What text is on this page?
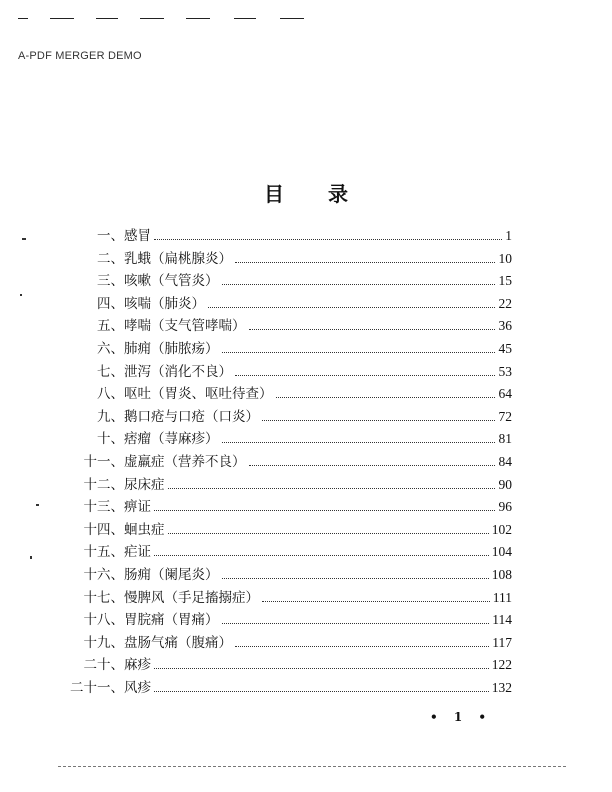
A-PDF MERGER DEMO
目 录
一、 感冒	1
二、 乳蛾（扁桃腺炎）	10
三、 咳嗽（气管炎）	15
四、 咳喘（肺炎）	22
五、 哮喘（支气管哮喘）	36
六、 肺痈（肺脓疡）	45
七、 泄泻（消化不良）	53
八、 呕吐（胃炎、呕吐待查）	64
九、 鹅口疮与口疮（口炎）	72
十、 痞瘤（荨麻疹）	81
十一、 虚羸症（营养不良）	84
十二、 尿床症	90
十三、 痹证	96
十四、 蛔虫症	102
十五、 疟证	104
十六、 肠痈（阑尾炎）	108
十七、 慢脾风（手足搐搦症）	111
十八、 胃脘痛（胃痛）	114
十九、 盘肠气痛（腹痛）	117
二十、 麻疹	122
二十一、 风疹	132
• 1 •
